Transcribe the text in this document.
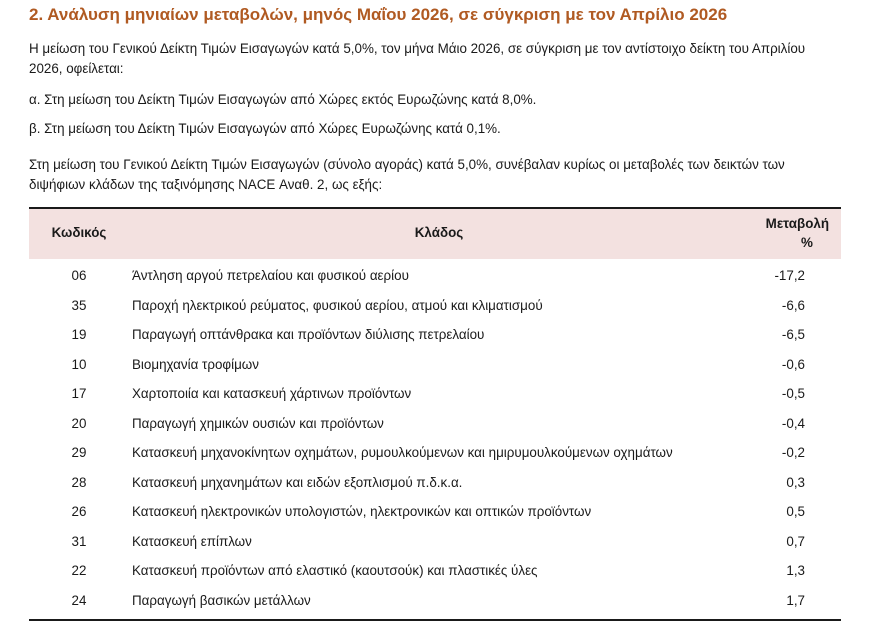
2. Ανάλυση μηνιαίων μεταβολών, μηνός Μαΐου 2026, σε σύγκριση με τον Απρίλιο 2026
Η μείωση του Γενικού Δείκτη Τιμών Εισαγωγών κατά 5,0%, τον μήνα Μάιο 2026, σε σύγκριση με τον αντίστοιχο δείκτη του Απριλίου 2026, οφείλεται:
α. Στη μείωση του Δείκτη Τιμών Εισαγωγών από Χώρες εκτός Ευρωζώνης κατά 8,0%.
β. Στη μείωση του Δείκτη Τιμών Εισαγωγών από Χώρες Ευρωζώνης κατά 0,1%.
Στη μείωση του Γενικού Δείκτη Τιμών Εισαγωγών (σύνολο αγοράς) κατά 5,0%, συνέβαλαν κυρίως οι μεταβολές των δεικτών των διψήφιων κλάδων της ταξινόμησης NACE Αναθ. 2, ως εξής:
Κωδικός	Κλάδος
Μεταβολή
%
06	Άντληση αργού πετρελαίου και φυσικού αερίου	-17,2
35	Παροχή ηλεκτρικού ρεύματος, φυσικού αερίου, ατμού και κλιματισμού	-6,6
19	Παραγωγή οπτάνθρακα και προϊόντων διύλισης πετρελαίου	-6,5
10	Βιομηχανία τροφίμων	-0,6
17	Χαρτοποιία και κατασκευή χάρτινων προϊόντων	-0,5
20	Παραγωγή χημικών ουσιών και προϊόντων	-0,4
29	Κατασκευή μηχανοκίνητων οχημάτων, ρυμουλκούμενων και ημιρυμουλκούμενων οχημάτων	-0,2
28	Κατασκευή μηχανημάτων και ειδών εξοπλισμού π.δ.κ.α.	0,3
26	Κατασκευή ηλεκτρονικών υπολογιστών, ηλεκτρονικών και οπτικών προϊόντων	0,5
31	Κατασκευή επίπλων	0,7
22	Κατασκευή προϊόντων από ελαστικό (καουτσούκ) και πλαστικές ύλες	1,3
24	Παραγωγή βασικών μετάλλων	1,7
